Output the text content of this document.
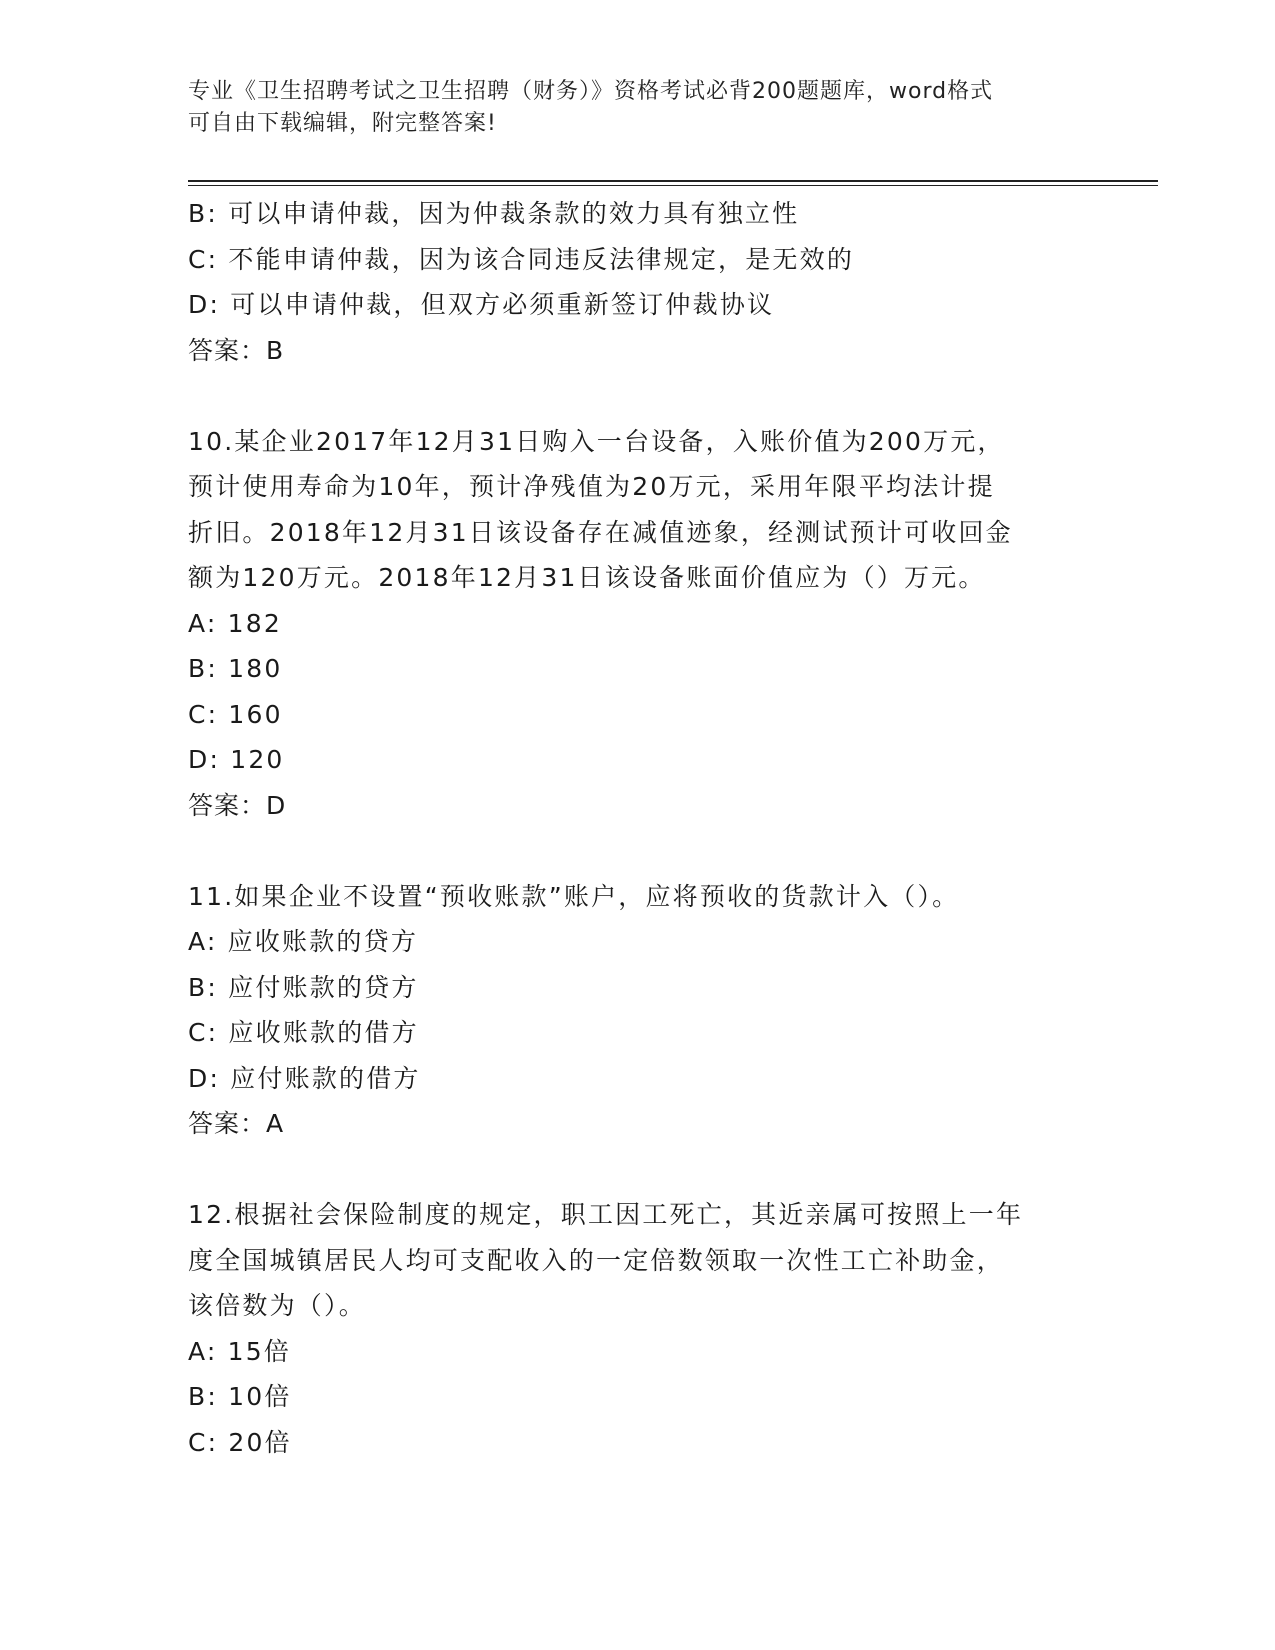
专业《卫生招聘考试之卫生招聘（财务）》资格考试必背200题题库，word格式
可自由下载编辑，附完整答案!
B: 可以申请仲裁，因为仲裁条款的效力具有独立性
C: 不能申请仲裁，因为该合同违反法律规定，是无效的
D: 可以申请仲裁，但双方必须重新签订仲裁协议
答案：B
10.某企业2017年12月31日购入一台设备，入账价值为200万元，
预计使用寿命为10年，预计净残值为20万元，采用年限平均法计提
折旧。2018年12月31日该设备存在减值迹象，经测试预计可收回金
额为120万元。2018年12月31日该设备账面价值应为（）万元。
A: 182
B: 180
C: 160
D: 120
答案：D
11.如果企业不设置“预收账款”账户，应将预收的货款计入（）。
A: 应收账款的贷方
B: 应付账款的贷方
C: 应收账款的借方
D: 应付账款的借方
答案：A
12.根据社会保险制度的规定，职工因工死亡，其近亲属可按照上一年
度全国城镇居民人均可支配收入的一定倍数领取一次性工亡补助金，
该倍数为（）。
A: 15倍
B: 10倍
C: 20倍
